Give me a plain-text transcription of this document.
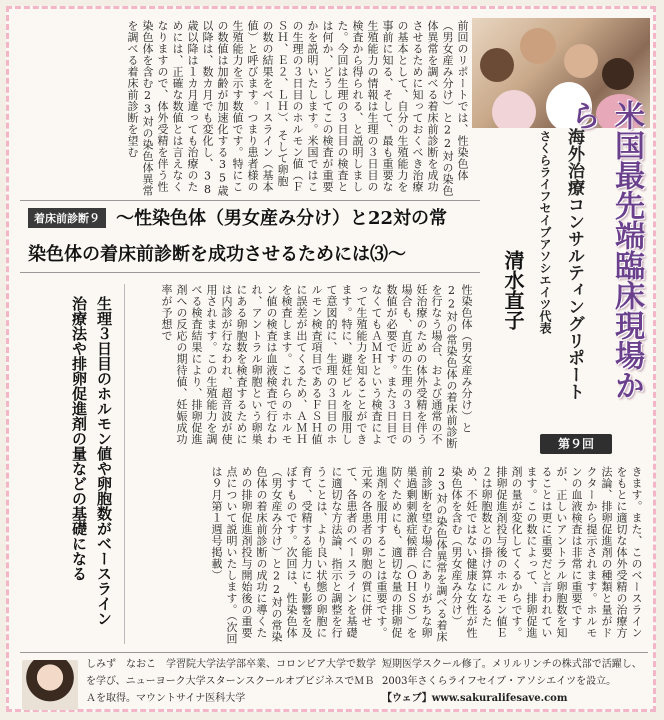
前回のリポートでは、性染色体（男女産み分け）と22対の染色体異常を調べる着床前診断を成功させるために知っておくべき治療の基本として、自分の生殖能力を事前に知る、そして、最も重要な生殖能力の情報は生理の３日目の検査から得られる、と説明しました。今回は生理の３日目の検査とは何か、どうしてこの検査が重要かを説明いたします。米国ではこの生理の３日目のホルモン値（ＦＳＨ、Ｅ２、ＬＨ）、そして卵胞の数の結果をベースライン（基本値）と呼びます。つまり患者様の生殖能力を示す数値です。特にこの数値は加齢が加速化する35歳以降は、数カ月でも変化し、38歳以降は１カ月違っても治療のためには、正確な数値とは言えなくなりますので、体外受精を伴う性染色体を含む23対の染色体異常を調べる着床前診断を望む
米国最先端臨床現場から
海外治療コンサルティングリポート
さくらライフセイブアソシエイツ代表
清水直子
第９回
着床前診断９ ～性染色体（男女産み分け）と22対の常
染色体の着床前診断を成功させるためには⑶～
生理３日目のホルモン値や卵胞数がベースライン治療法や排卵促進剤の量などの基礎になる	性染色体（男女産み分け）と22対の常染色体の着床前診断を行なう場合、および通常の不妊治療のための体外受精を伴う場合も、直近の生理の３日目の数値が必要です。また３日目でなくてもＡＭＨという検査によって生殖能力を知ることができます。特に、避妊ピルを服用して意図的に、生理の３日目のホルモン検査項目であるＦＳＨ値に誤差が出てくるため、ＡＭＨを検査します。これらのホルモン値の検査は血液検査で行なわれ、アントラル卵胞という卵巣にある卵胞数を検査するためには内診が行なわれ、超音波が使用されます。この生殖能力を調べる検査結果により、排卵促進剤への反応の期待値、妊娠成功率が予想で
きます。また、このベースラインをもとに適切な体外受精の治療方法論、排卵促進剤の種類と量がドクターから提示されます。ホルモンの血液検査は非常に重要ですが、正しいアントラル卵胞数を知ることは更に重要だと言われています。この数によって、排卵促進剤の量が変化してくるからです。排卵促進剤投与後のホルモン値Ｅ２は卵胞数との掛け算になるため、不妊ではない健康な女性が性染色体を含む（男女産み分け）23対の染色体異常を調べる着床前診断を望む場合にありがちな卵巣過剰刺激症候群（ＯＨＳＳ）を防ぐためにも、適切な量の排卵促進剤を服用することは重要です。元来の各患者の卵胞の質に併せて、各患者のベースラインを基礎に適切な方法論、指示と調整を行うことは、より良い状態の卵胞に育て、受精する能力にも影響を及ぼすものです。次回は、性染色体（男女産み分け）と22対の常染色体の着床前診断の成功に導くための排卵促進剤投与開始後の重要点について説明いたします。（次回は９月第１週号掲載）
しみず　なおこ　学習院大学法学部卒業、コロンビア大学で数学を学び、ニューヨーク大学スターンスクールオブビジネスでＭＢＡを取得。マウントサイナ医科大学
短期医学スクール修了。メリルリンチの株式部で活躍し、2003年さくらライフセイブ・アソシエイツを設立。
【ウェブ】www.sakuralifesave.com
